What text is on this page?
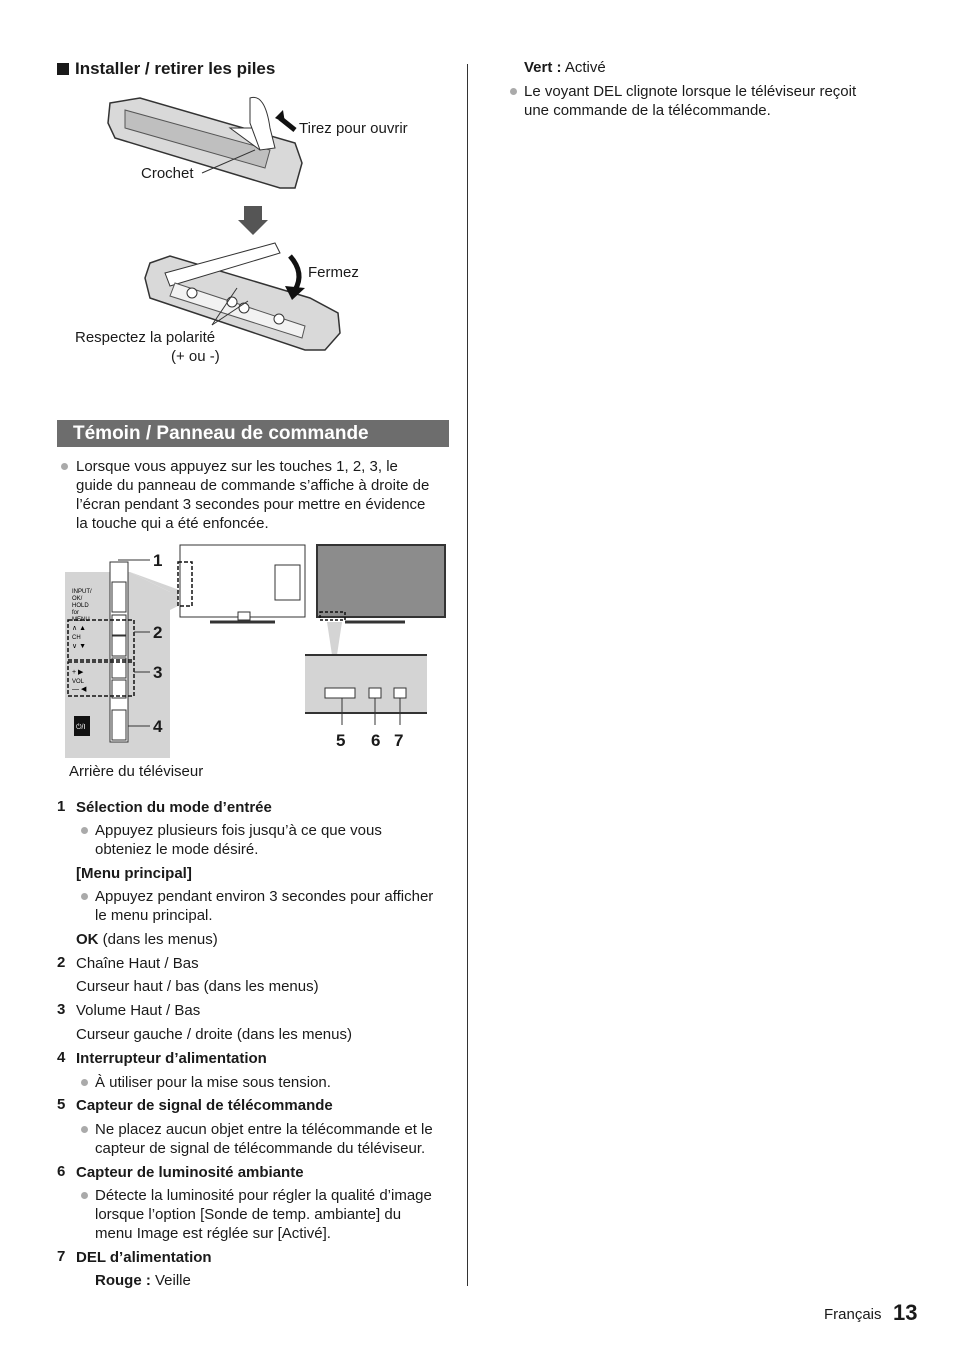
Installer / retirer les piles
Tirez pour ouvrir
Crochet
Fermez
Respectez la polarité
(+ ou -)
Témoin / Panneau de commande
Lorsque vous appuyez sur les touches 1, 2, 3, le
guide du panneau de commande s’affiche à droite de
l’écran pendant 3 secondes pour mettre en évidence
la touche qui a été enfoncée.
INPUT/
OK/
HOLD
for
MENU
∧ ▲
CH
∨ ▼
+ ▶
VOL
— ◀
⏻/I
1
2
3
4
5 6 7
Arrière du téléviseur
1 Sélection du mode d’entrée
Appuyez plusieurs fois jusqu’à ce que vous
obteniez le mode désiré.
[Menu principal]
Appuyez pendant environ 3 secondes pour afficher
le menu principal.
OK (dans les menus)
2 Chaîne Haut / Bas
Curseur haut / bas (dans les menus)
3 Volume Haut / Bas
Curseur gauche / droite (dans les menus)
4 Interrupteur d’alimentation
À utiliser pour la mise sous tension.
5 Capteur de signal de télécommande
Ne placez aucun objet entre la télécommande et le
capteur de signal de télécommande du téléviseur.
6 Capteur de luminosité ambiante
Détecte la luminosité pour régler la qualité d’image
lorsque l’option [Sonde de temp. ambiante] du
menu Image est réglée sur [Activé].
7 DEL d’alimentation
Rouge : Veille
Vert : Activé
Le voyant DEL clignote lorsque le téléviseur reçoit
une commande de la télécommande.
Français 13
